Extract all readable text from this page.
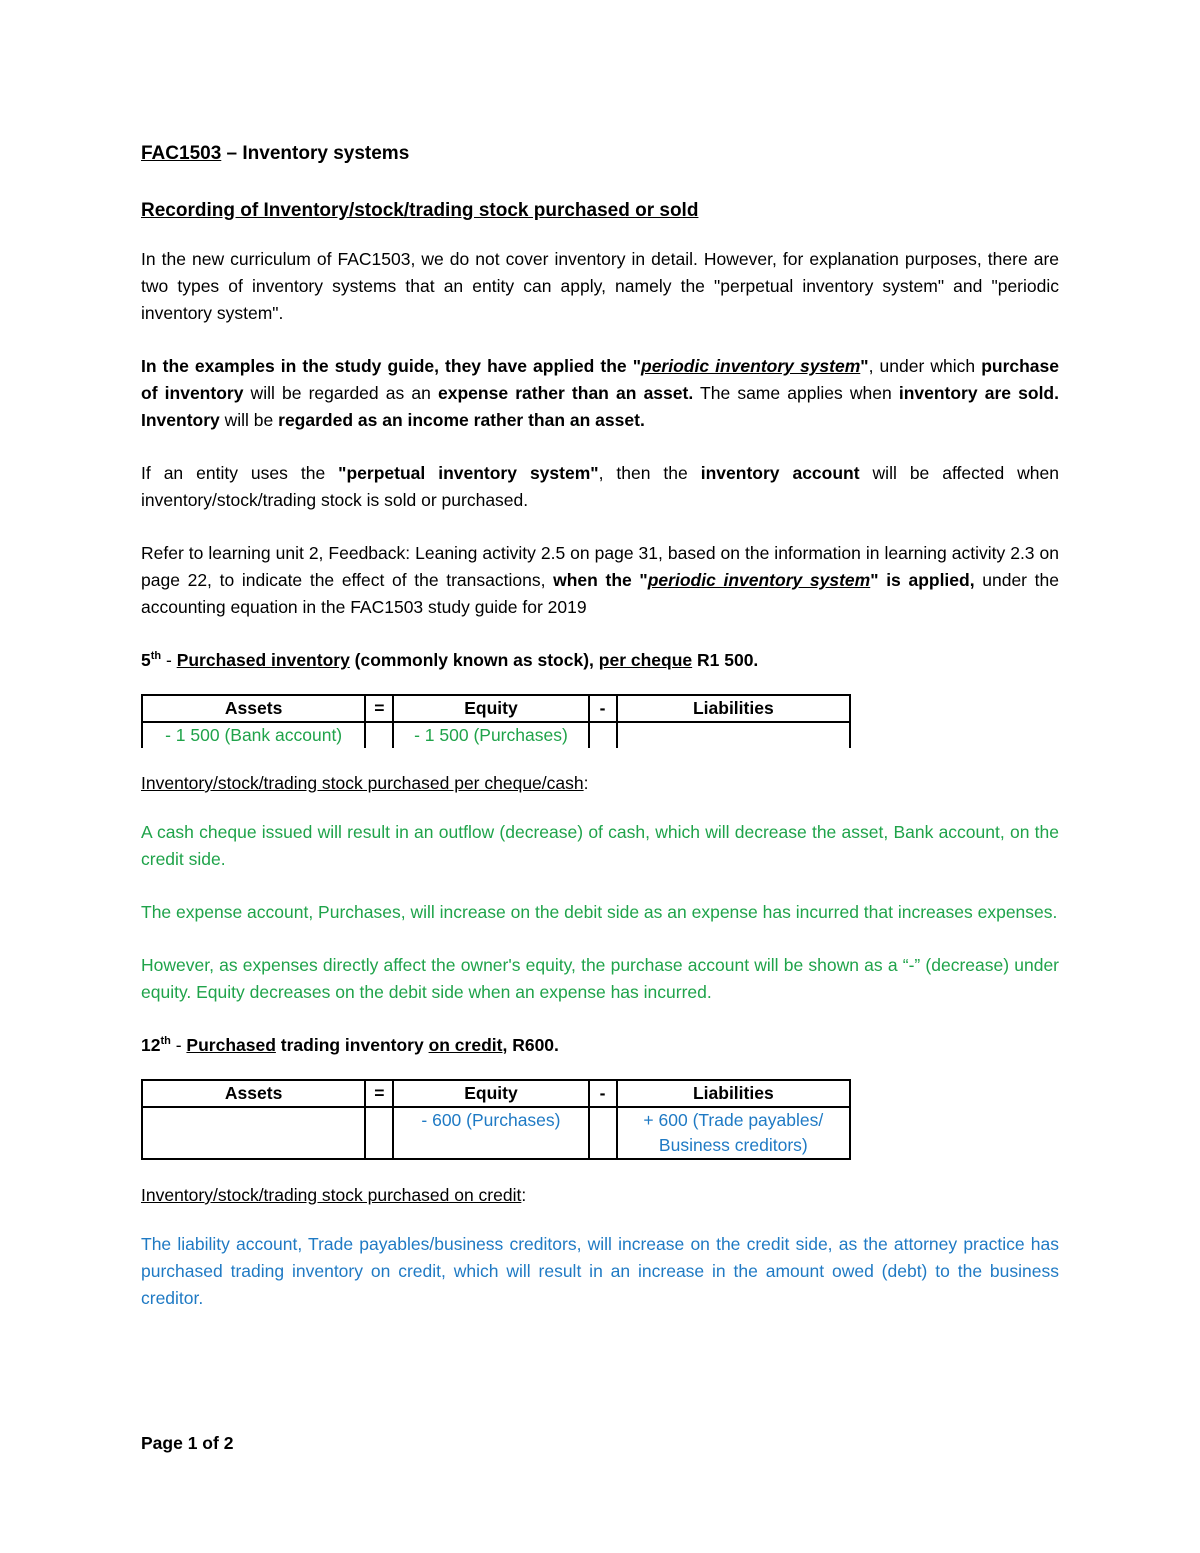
FAC1503 – Inventory systems
Recording of Inventory/stock/trading stock purchased or sold

In the new curriculum of FAC1503, we do not cover inventory in detail. However, for explanation purposes, there are two types of inventory systems that an entity can apply, namely the "perpetual inventory system" and "periodic inventory system".

In the examples in the study guide, they have applied the "periodic inventory system", under which purchase of inventory will be regarded as an expense rather than an asset. The same applies when inventory are sold. Inventory will be regarded as an income rather than an asset.

If an entity uses the "perpetual inventory system", then the inventory account will be affected when inventory/stock/trading stock is sold or purchased.

Refer to learning unit 2, Feedback: Leaning activity 2.5 on page 31, based on the information in learning activity 2.3 on page 22, to indicate the effect of the transactions, when the "periodic inventory system" is applied, under the accounting equation in the FAC1503 study guide for 2019

5th - Purchased inventory (commonly known as stock), per cheque R1 500.
Assets	=	Equity	-	Liabilities
- 1 500 (Bank account)		- 1 500 (Purchases)		

Inventory/stock/trading stock purchased per cheque/cash:

A cash cheque issued will result in an outflow (decrease) of cash, which will decrease the asset, Bank account, on the credit side.

The expense account, Purchases, will increase on the debit side as an expense has incurred that increases expenses.

However, as expenses directly affect the owner's equity, the purchase account will be shown as a “-” (decrease) under equity. Equity decreases on the debit side when an expense has incurred.

12th - Purchased trading inventory on credit, R600.
Assets	=	Equity	-	Liabilities
		- 600 (Purchases)		+ 600 (Trade payables/
Business creditors)

Inventory/stock/trading stock purchased on credit:

The liability account, Trade payables/business creditors, will increase on the credit side, as the attorney practice has purchased trading inventory on credit, which will result in an increase in the amount owed (debt) to the business creditor.

Page 1 of 2
